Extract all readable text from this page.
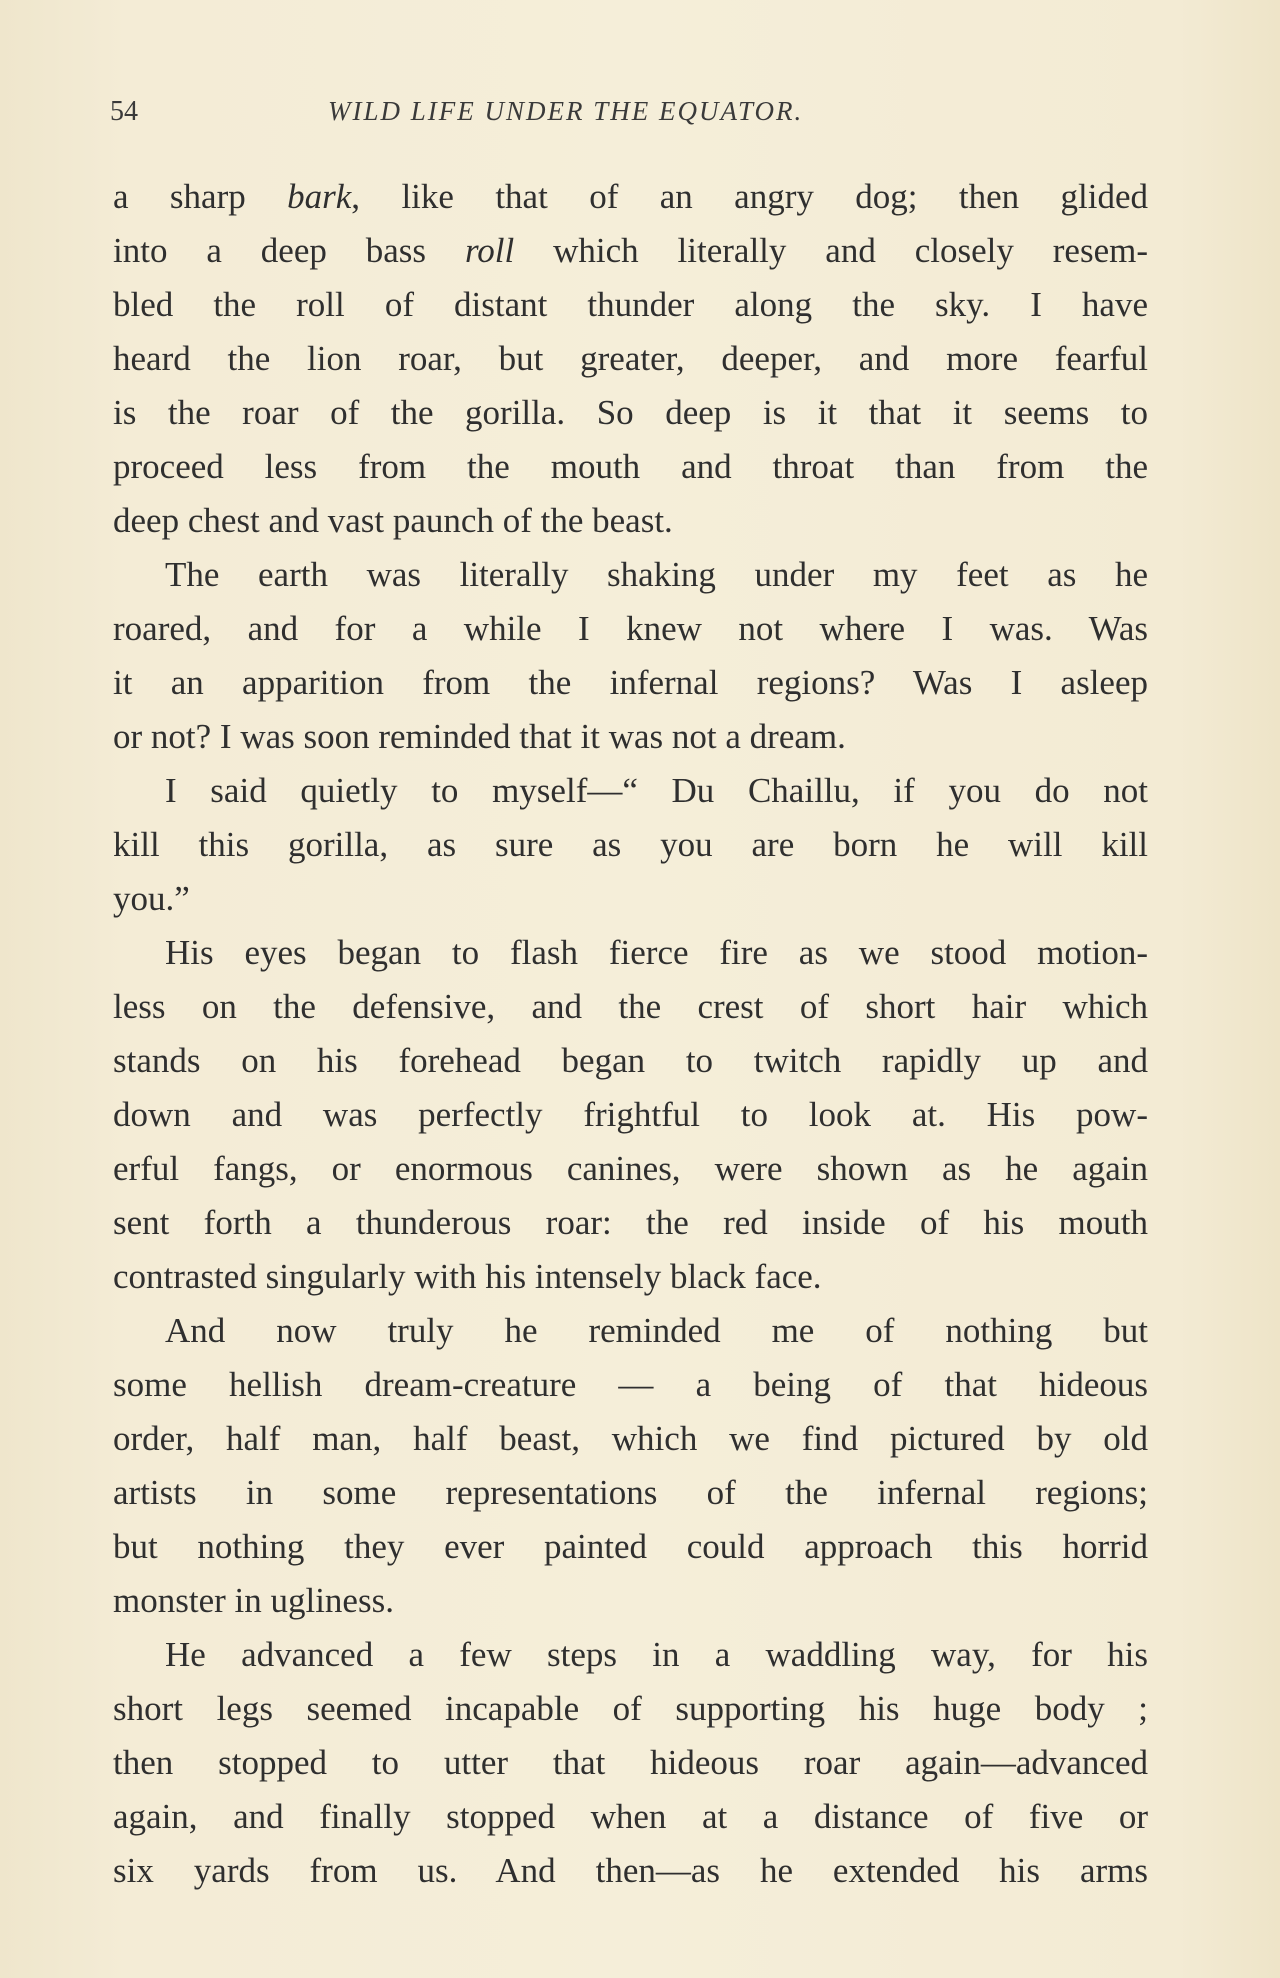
54	WILD LIFE UNDER THE EQUATOR.
a sharp bark, like that of an angry dog; then glided
into a deep bass roll which literally and closely resem-
bled the roll of distant thunder along the sky. I have
heard the lion roar, but greater, deeper, and more fearful
is the roar of the gorilla. So deep is it that it seems to
proceed less from the mouth and throat than from the
deep chest and vast paunch of the beast.
The earth was literally shaking under my feet as he
roared, and for a while I knew not where I was. Was
it an apparition from the infernal regions? Was I asleep
or not? I was soon reminded that it was not a dream.
I said quietly to myself—“ Du Chaillu, if you do not
kill this gorilla, as sure as you are born he will kill
you.”
His eyes began to flash fierce fire as we stood motion-
less on the defensive, and the crest of short hair which
stands on his forehead began to twitch rapidly up and
down and was perfectly frightful to look at. His pow-
erful fangs, or enormous canines, were shown as he again
sent forth a thunderous roar: the red inside of his mouth
contrasted singularly with his intensely black face.
And now truly he reminded me of nothing but
some hellish dream-creature — a being of that hideous
order, half man, half beast, which we find pictured by old
artists in some representations of the infernal regions;
but nothing they ever painted could approach this horrid
monster in ugliness.
He advanced a few steps in a waddling way, for his
short legs seemed incapable of supporting his huge body ;
then stopped to utter that hideous roar again—advanced
again, and finally stopped when at a distance of five or
six yards from us. And then—as he extended his arms
